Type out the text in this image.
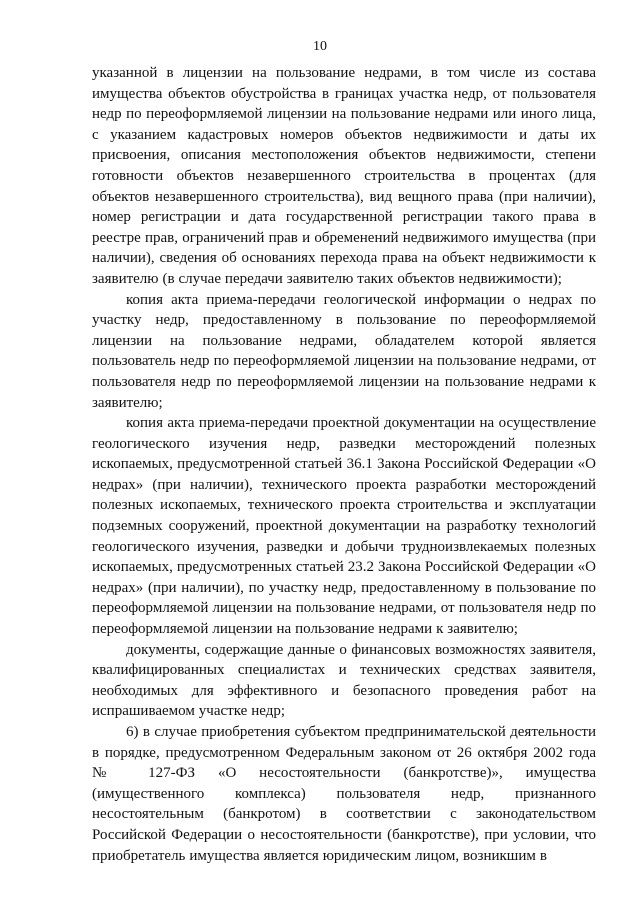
10

указанной в лицензии на пользование недрами, в том числе из состава имущества объектов обустройства в границах участка недр, от пользователя недр по переоформляемой лицензии на пользование недрами или иного лица, с указанием кадастровых номеров объектов недвижимости и даты их присвоения, описания местоположения объектов недвижимости, степени готовности объектов незавершенного строительства в процентах (для объектов незавершенного строительства), вид вещного права (при наличии), номер регистрации и дата государственной регистрации такого права в реестре прав, ограничений прав и обременений недвижимого имущества (при наличии), сведения об основаниях перехода права на объект недвижимости к заявителю (в случае передачи заявителю таких объектов недвижимости);

копия акта приема-передачи геологической информации о недрах по участку недр, предоставленному в пользование по переоформляемой лицензии на пользование недрами, обладателем которой является пользователь недр по переоформляемой лицензии на пользование недрами, от пользователя недр по переоформляемой лицензии на пользование недрами к заявителю;

копия акта приема-передачи проектной документации на осуществление геологического изучения недр, разведки месторождений полезных ископаемых, предусмотренной статьей 36.1 Закона Российской Федерации «О недрах» (при наличии), технического проекта разработки месторождений полезных ископаемых, технического проекта строительства и эксплуатации подземных сооружений, проектной документации на разработку технологий геологического изучения, разведки и добычи трудноизвлекаемых полезных ископаемых, предусмотренных статьей 23.2 Закона Российской Федерации «О недрах» (при наличии), по участку недр, предоставленному в пользование по переоформляемой лицензии на пользование недрами, от пользователя недр по переоформляемой лицензии на пользование недрами к заявителю;

документы, содержащие данные о финансовых возможностях заявителя, квалифицированных специалистах и технических средствах заявителя, необходимых для эффективного и безопасного проведения работ на испрашиваемом участке недр;

6) в случае приобретения субъектом предпринимательской деятельности в порядке, предусмотренном Федеральным законом от 26 октября 2002 года № 127-ФЗ «О несостоятельности (банкротстве)», имущества (имущественного комплекса) пользователя недр, признанного несостоятельным (банкротом) в соответствии с законодательством Российской Федерации о несостоятельности (банкротстве), при условии, что приобретатель имущества является юридическим лицом, возникшим в
